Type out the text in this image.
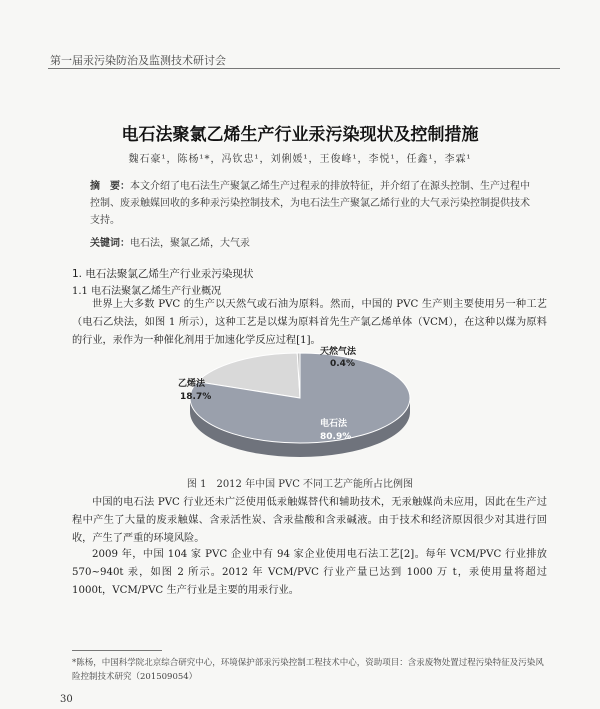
第一届汞污染防治及监测技术研讨会
电石法聚氯乙烯生产行业汞污染现状及控制措施
魏石豪¹，陈杨¹*，冯钦忠¹，刘俐媛¹，王俊峰¹，李悦¹，任鑫¹，李霖¹
摘　要：本文介绍了电石法生产聚氯乙烯生产过程汞的排放特征，并介绍了在源头控制、生产过程中控制、废汞触媒回收的多种汞污染控制技术，为电石法生产聚氯乙烯行业的大气汞污染控制提供技术支持。
关键词：电石法，聚氯乙烯，大气汞
1. 电石法聚氯乙烯生产行业汞污染现状
1.1 电石法聚氯乙烯生产行业概况
世界上大多数 PVC 的生产以天然气或石油为原料。然而，中国的 PVC 生产则主要使用另一种工艺（电石乙炔法，如图 1 所示），这种工艺是以煤为原料首先生产氯乙烯单体（VCM），在这种以煤为原料的行业，汞作为一种催化剂用于加速化学反应过程[1]。
天然气法
0.4%
乙烯法
18.7%
电石法
80.9%
图 1　2012 年中国 PVC 不同工艺产能所占比例图
中国的电石法 PVC 行业还未广泛使用低汞触媒替代和辅助技术，无汞触媒尚未应用，因此在生产过程中产生了大量的废汞触媒、含汞活性炭、含汞盐酸和含汞碱液。由于技术和经济原因很少对其进行回收，产生了严重的环境风险。
2009 年，中国 104 家 PVC 企业中有 94 家企业使用电石法工艺[2]。每年 VCM/PVC 行业排放 570~940t 汞，如图 2 所示。2012 年 VCM/PVC 行业产量已达到 1000 万 t，汞使用量将超过 1000t，VCM/PVC 生产行业是主要的用汞行业。
*陈杨，中国科学院北京综合研究中心，环境保护部汞污染控制工程技术中心，资助项目：含汞废物处置过程污染特征及污染风险控制技术研究（201509054）
30
